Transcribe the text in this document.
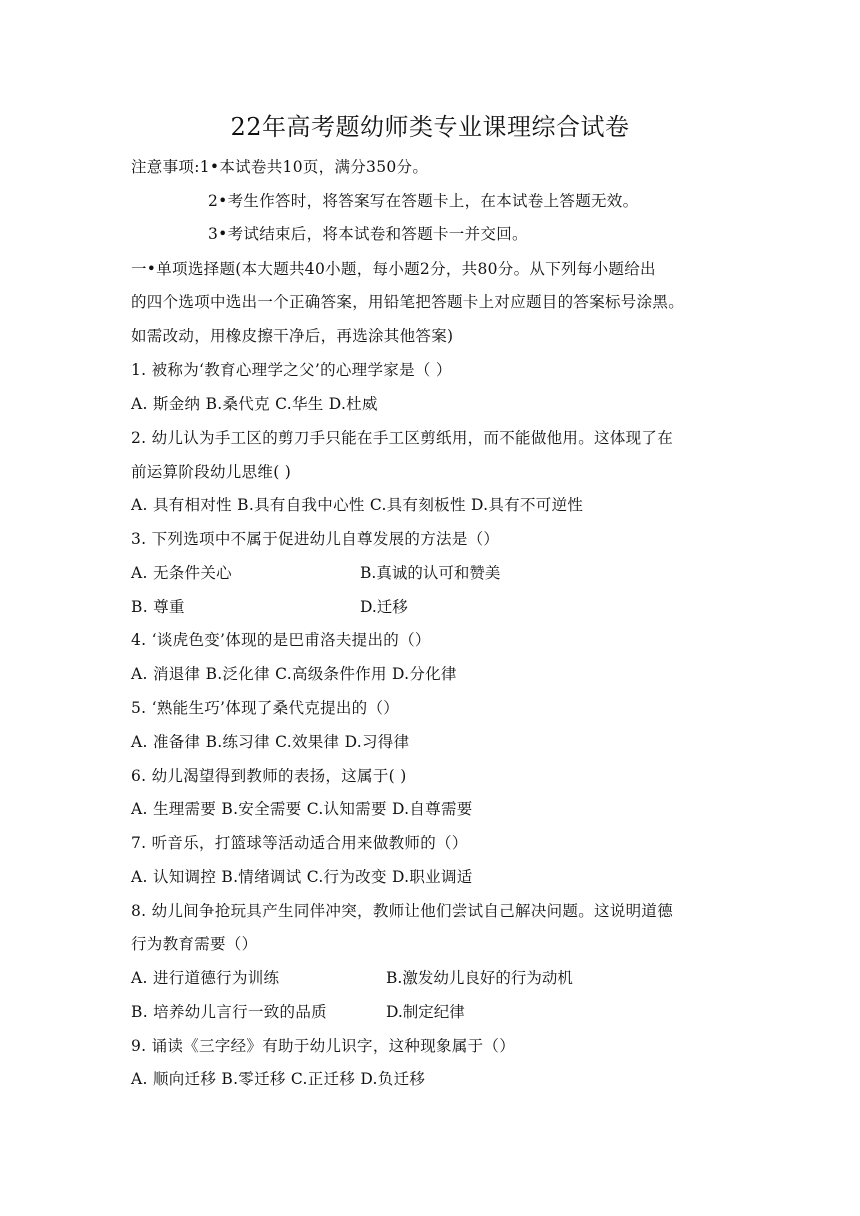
22年高考题幼师类专业课理综合试卷
注意事项:1•本试卷共10页，满分350分。
2•考生作答时，将答案写在答题卡上，在本试卷上答题无效。
3•考试结束后，将本试卷和答题卡一并交回。
一•单项选择题(本大题共40小题，每小题2分，共80分。从下列每小题给出
的四个选项中选出一个正确答案，用铅笔把答题卡上对应题目的答案标号涂黑。
如需改动，用橡皮擦干净后，再选涂其他答案)
1. 被称为‘教育心理学之父’的心理学家是（ ）
A. 斯金纳 B.桑代克 C.华生 D.杜威
2. 幼儿认为手工区的剪刀手只能在手工区剪纸用，而不能做他用。这体现了在
前运算阶段幼儿思维( )
A. 具有相对性 B.具有自我中心性 C.具有刻板性 D.具有不可逆性
3. 下列选项中不属于促进幼儿自尊发展的方法是（）
A. 无条件关心	B.真诚的认可和赞美
B. 尊重	D.迁移
4. ‘谈虎色变’体现的是巴甫洛夫提出的（）
A. 消退律 B.泛化律 C.高级条件作用 D.分化律
5. ‘熟能生巧’体现了桑代克提出的（）
A. 准备律 B.练习律 C.效果律 D.习得律
6. 幼儿渴望得到教师的表扬，这属于( )
A. 生理需要 B.安全需要 C.认知需要 D.自尊需要
7. 听音乐，打篮球等活动适合用来做教师的（）
A. 认知调控 B.情绪调试 C.行为改变 D.职业调适
8. 幼儿间争抢玩具产生同伴冲突，教师让他们尝试自己解决问题。这说明道德
行为教育需要（）
A. 进行道德行为训练	B.激发幼儿良好的行为动机
B. 培养幼儿言行一致的品质	D.制定纪律
9. 诵读《三字经》有助于幼儿识字，这种现象属于（）
A. 顺向迁移 B.零迁移 C.正迁移 D.负迁移
